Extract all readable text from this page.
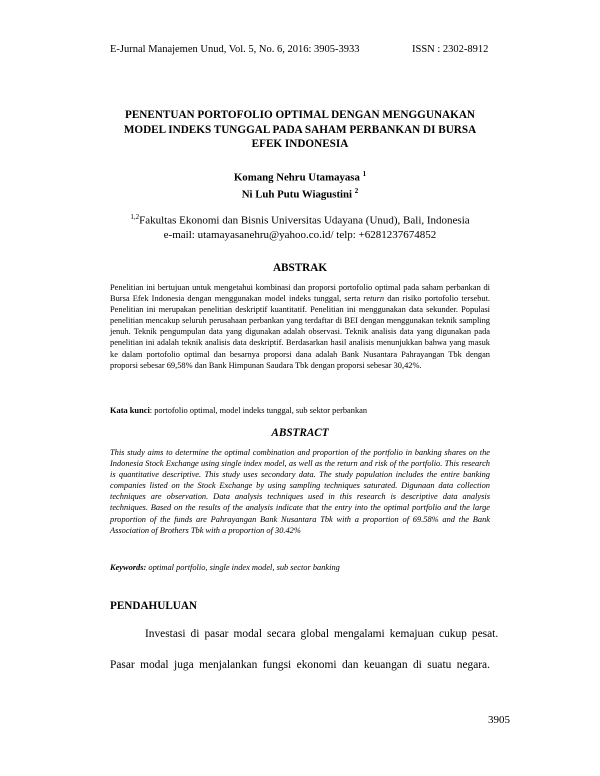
E-Jurnal Manajemen Unud, Vol. 5, No. 6, 2016: 3905-3933	ISSN : 2302-8912
PENENTUAN PORTOFOLIO OPTIMAL DENGAN MENGGUNAKAN
MODEL INDEKS TUNGGAL PADA SAHAM PERBANKAN DI BURSA
EFEK INDONESIA
Komang Nehru Utamayasa $^1$
Ni Luh Putu Wiagustini $^2$
$^{1,2}$Fakultas Ekonomi dan Bisnis Universitas Udayana (Unud), Bali, Indonesia
e-mail: utamayasanehru@yahoo.co.id/ telp: +6281237674852
ABSTRAK
Penelitian ini bertujuan untuk mengetahui kombinasi dan proporsi portofolio optimal pada saham perbankan di Bursa Efek Indonesia dengan menggunakan model indeks tunggal, serta return dan risiko portofolio tersebut. Penelitian ini merupakan penelitian deskriptif kuantitatif. Penelitian ini menggunakan data sekunder. Populasi penelitian mencakup seluruh perusahaan perbankan yang terdaftar di BEI dengan menggunakan teknik sampling jenuh. Teknik pengumpulan data yang digunakan adalah observasi. Teknik analisis data yang digunakan pada penelitian ini adalah teknik analisis data deskriptif. Berdasarkan hasil analisis menunjukkan bahwa yang masuk ke dalam portofolio optimal dan besarnya proporsi dana adalah Bank Nusantara Pahrayangan Tbk dengan proporsi sebesar 69,58% dan Bank Himpunan Saudara Tbk dengan proporsi sebesar 30,42%.
Kata kunci: portofolio optimal, model indeks tunggal, sub sektor perbankan
ABSTRACT
This study aims to determine the optimal combination and proportion of the portfolio in banking shares on the Indonesia Stock Exchange using single index model, as well as the return and risk of the portfolio. This research is quantitative descriptive. This study uses secondary data. The study population includes the entire banking companies listed on the Stock Exchange by using sampling techniques saturated. Digunaan data collection techniques are observation. Data analysis techniques used in this research is descriptive data analysis techniques. Based on the results of the analysis indicate that the entry into the optimal portfolio and the large proportion of the funds are Pahrayangan Bank Nusantara Tbk with a proportion of 69.58% and the Bank Association of Brothers Tbk with a proportion of 30.42%
Keywords: optimal portfolio, single index model, sub sector banking
PENDAHULUAN
Investasi di pasar modal secara global mengalami kemajuan cukup pesat.
Pasar modal juga menjalankan fungsi ekonomi dan keuangan di suatu negara.
3905
